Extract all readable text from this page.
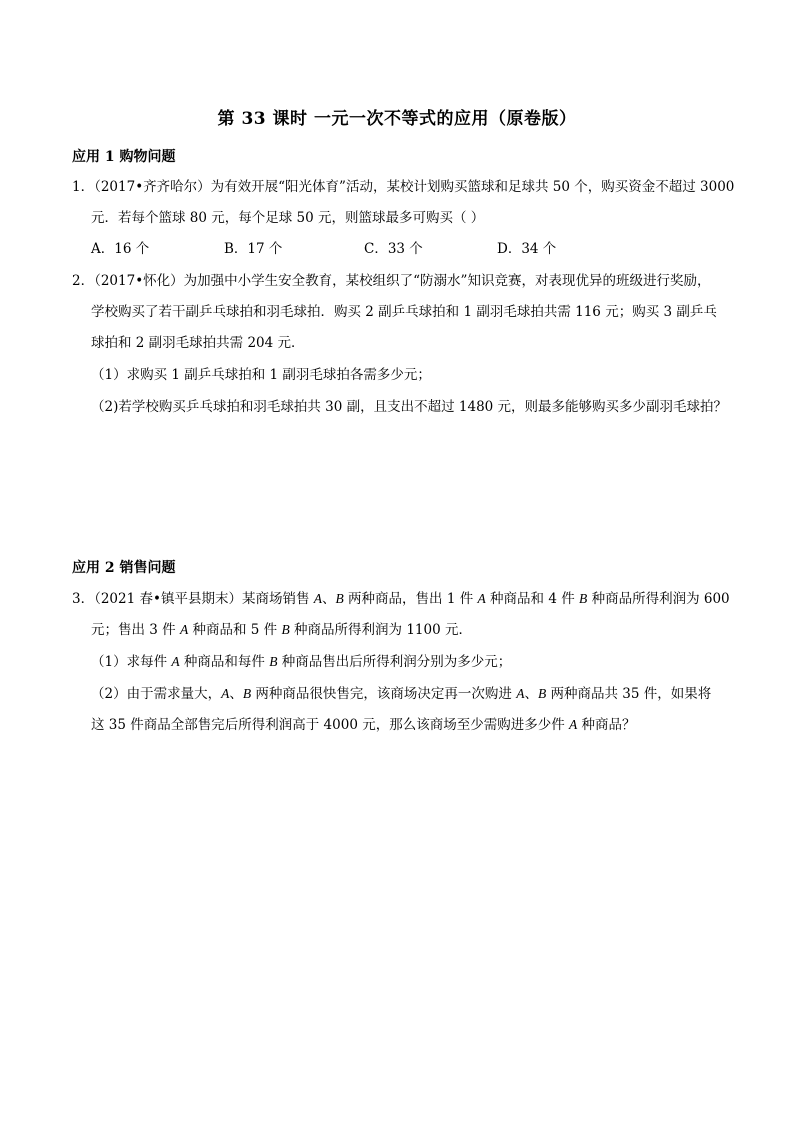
第 33 课时 一元一次不等式的应用（原卷版）
应用 1 购物问题
1．（2017•齐齐哈尔）为有效开展“阳光体育”活动，某校计划购买篮球和足球共 50 个，购买资金不超过 3000
元．若每个篮球 80 元，每个足球 50 元，则篮球最多可购买（ ）
A．16 个	B．17 个	C．33 个	D．34 个
2．（2017•怀化）为加强中小学生安全教育，某校组织了“防溺水”知识竞赛，对表现优异的班级进行奖励，
学校购买了若干副乒乓球拍和羽毛球拍．购买 2 副乒乓球拍和 1 副羽毛球拍共需 116 元；购买 3 副乒乓
球拍和 2 副羽毛球拍共需 204 元．
（1）求购买 1 副乒乓球拍和 1 副羽毛球拍各需多少元；
（2)若学校购买乒乓球拍和羽毛球拍共 30 副，且支出不超过 1480 元，则最多能够购买多少副羽毛球拍？
应用 2 销售问题
3．（2021 春•镇平县期末）某商场销售 A、B 两种商品，售出 1 件 A 种商品和 4 件 B 种商品所得利润为 600
元；售出 3 件 A 种商品和 5 件 B 种商品所得利润为 1100 元．
（1）求每件 A 种商品和每件 B 种商品售出后所得利润分别为多少元；
（2）由于需求量大，A、B 两种商品很快售完，该商场决定再一次购进 A、B 两种商品共 35 件，如果将
这 35 件商品全部售完后所得利润高于 4000 元，那么该商场至少需购进多少件 A 种商品？
